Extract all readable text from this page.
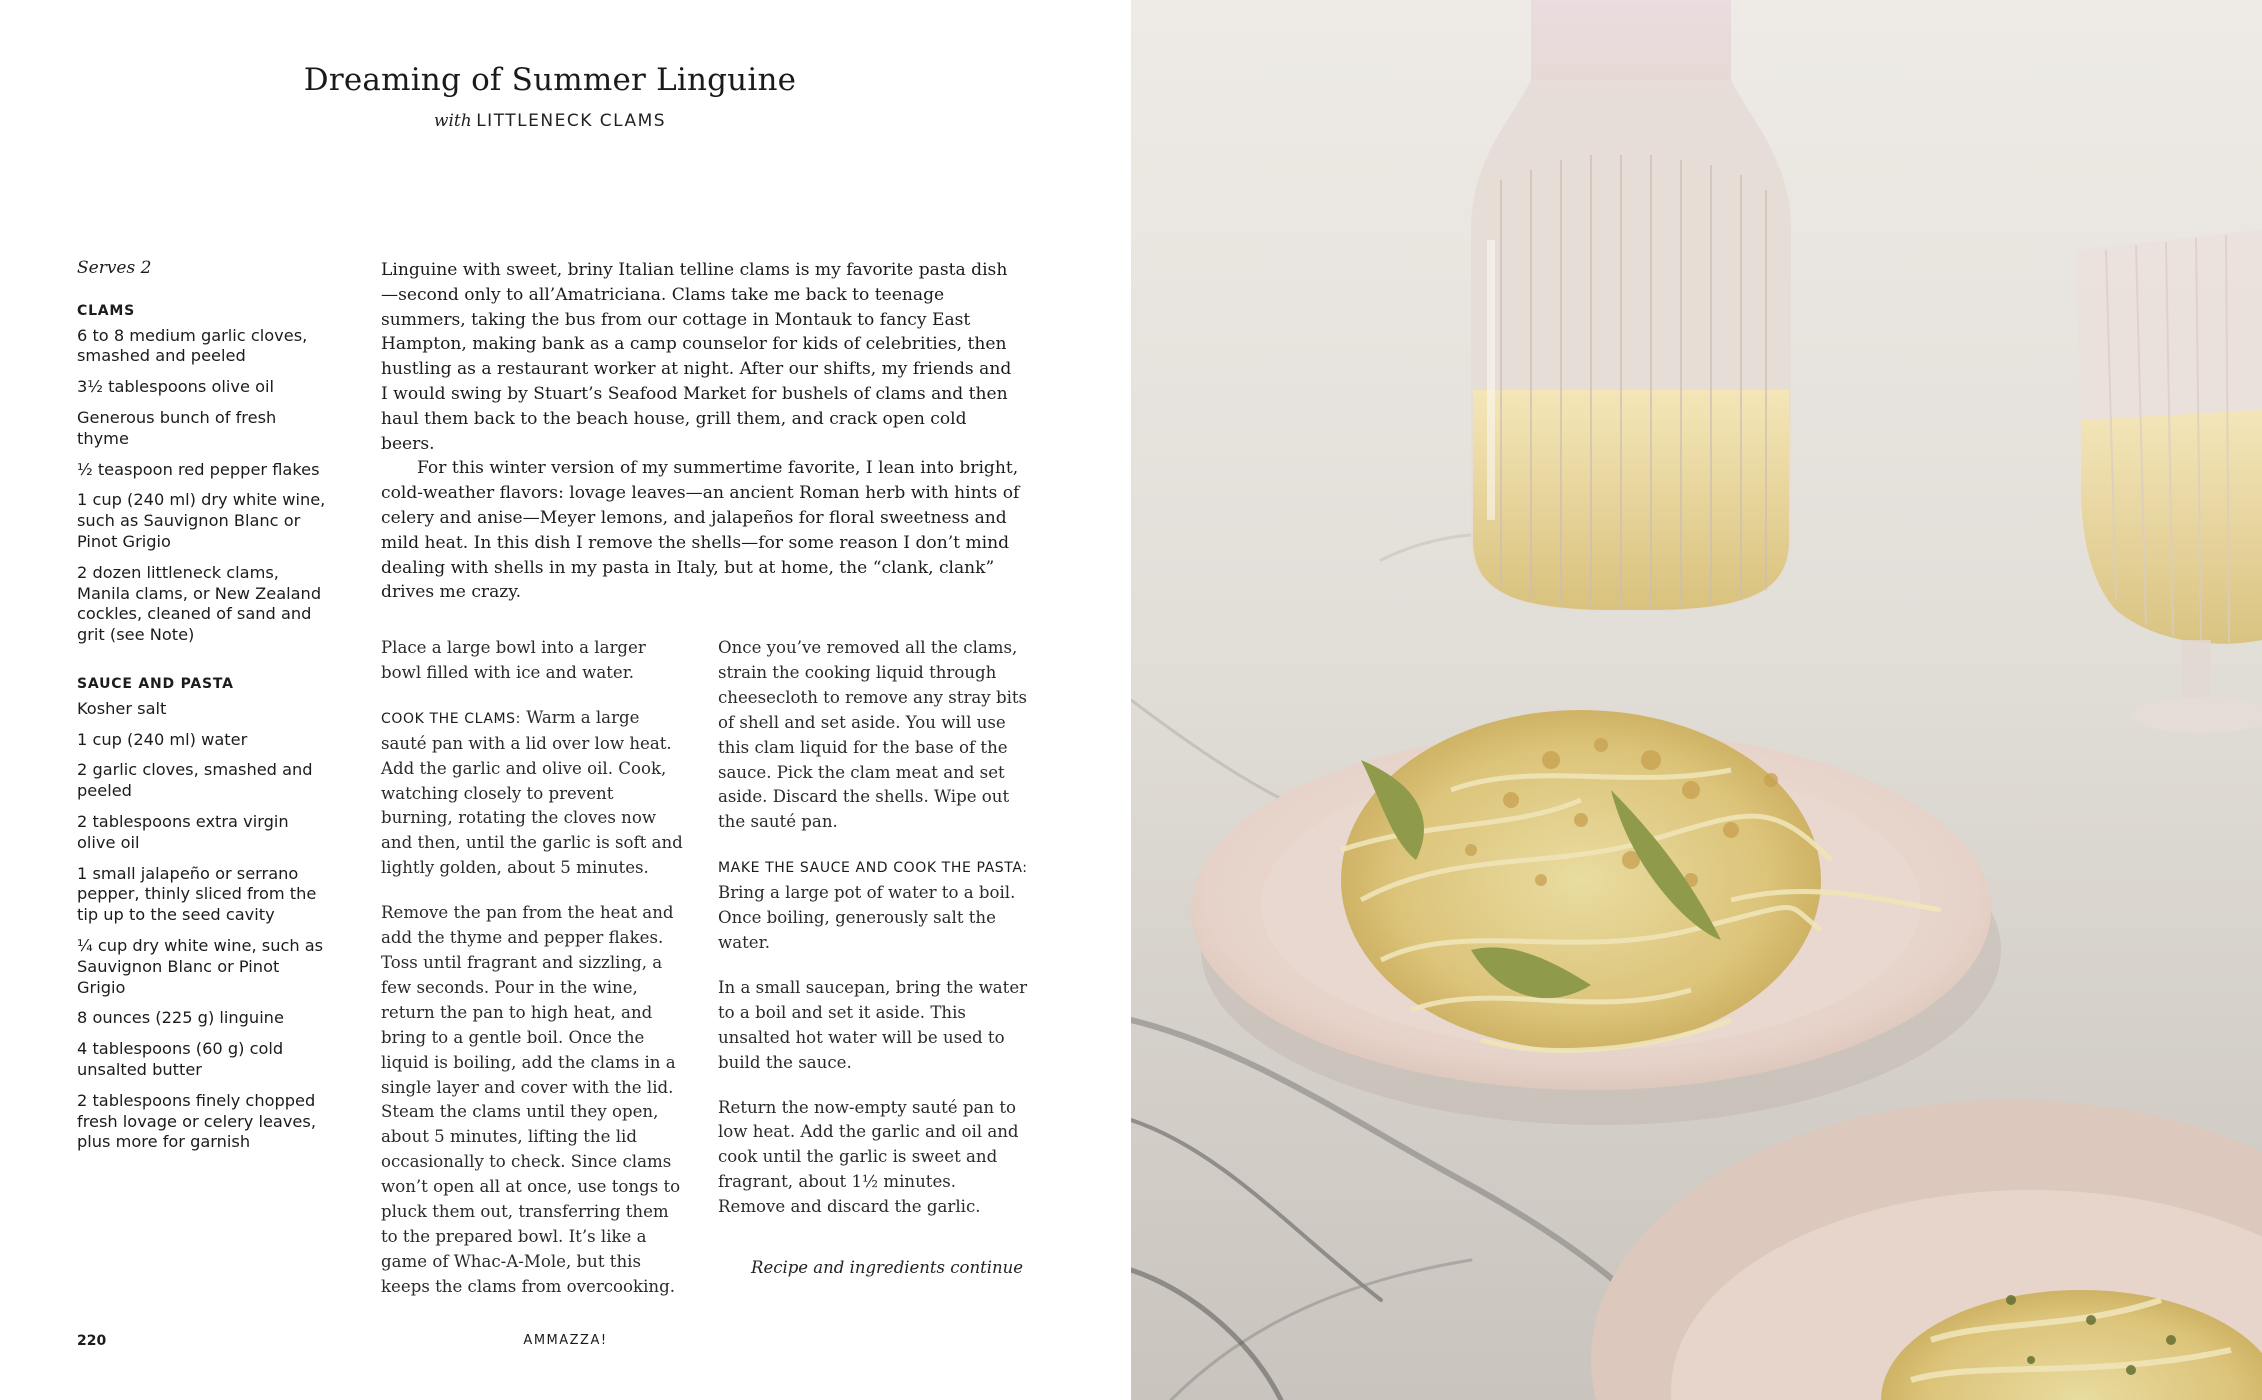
Dreaming of Summer Linguine
with LITTLENECK CLAMS
Serves 2
CLAMS
6 to 8 medium garlic cloves, smashed and peeled
3½ tablespoons olive oil
Generous bunch of fresh thyme
½ teaspoon red pepper flakes
1 cup (240 ml) dry white wine, such as Sauvignon Blanc or Pinot Grigio
2 dozen littleneck clams, Manila clams, or New Zealand cockles, cleaned of sand and grit (see Note)
SAUCE AND PASTA
Kosher salt
1 cup (240 ml) water
2 garlic cloves, smashed and peeled
2 tablespoons extra virgin olive oil
1 small jalapeño or serrano pepper, thinly sliced from the tip up to the seed cavity
¼ cup dry white wine, such as Sauvignon Blanc or Pinot Grigio
8 ounces (225 g) linguine
4 tablespoons (60 g) cold unsalted butter
2 tablespoons finely chopped fresh lovage or celery leaves, plus more for garnish

Linguine with sweet, briny Italian telline clams is my favorite pasta dish—second only to all’Amatriciana. Clams take me back to teenage summers, taking the bus from our cottage in Montauk to fancy East Hampton, making bank as a camp counselor for kids of celebrities, then hustling as a restaurant worker at night. After our shifts, my friends and I would swing by Stuart’s Seafood Market for bushels of clams and then haul them back to the beach house, grill them, and crack open cold beers.

For this winter version of my summertime favorite, I lean into bright, cold-weather flavors: lovage leaves—an ancient Roman herb with hints of celery and anise—Meyer lemons, and jalapeños for floral sweetness and mild heat. In this dish I remove the shells—for some reason I don’t mind dealing with shells in my pasta in Italy, but at home, the “clank, clank” drives me crazy.

Place a large bowl into a larger bowl filled with ice and water.

COOK THE CLAMS: Warm a large sauté pan with a lid over low heat. Add the garlic and olive oil. Cook, watching closely to prevent burning, rotating the cloves now and then, until the garlic is soft and lightly golden, about 5 minutes.

Remove the pan from the heat and add the thyme and pepper flakes. Toss until fragrant and sizzling, a few seconds. Pour in the wine, return the pan to high heat, and bring to a gentle boil. Once the liquid is boiling, add the clams in a single layer and cover with the lid. Steam the clams until they open, about 5 minutes, lifting the lid occasionally to check. Since clams won’t open all at once, use tongs to pluck them out, transferring them to the prepared bowl. It’s like a game of Whac-A-Mole, but this keeps the clams from overcooking.

Once you’ve removed all the clams, strain the cooking liquid through cheesecloth to remove any stray bits of shell and set aside. You will use this clam liquid for the base of the sauce. Pick the clam meat and set aside. Discard the shells. Wipe out the sauté pan.

MAKE THE SAUCE AND COOK THE PASTA: Bring a large pot of water to a boil. Once boiling, generously salt the water.

In a small saucepan, bring the water to a boil and set it aside. This unsalted hot water will be used to build the sauce.

Return the now-empty sauté pan to low heat. Add the garlic and oil and cook until the garlic is sweet and fragrant, about 1½ minutes. Remove and discard the garlic.

Recipe and ingredients continue
220	AMMAZZA!
